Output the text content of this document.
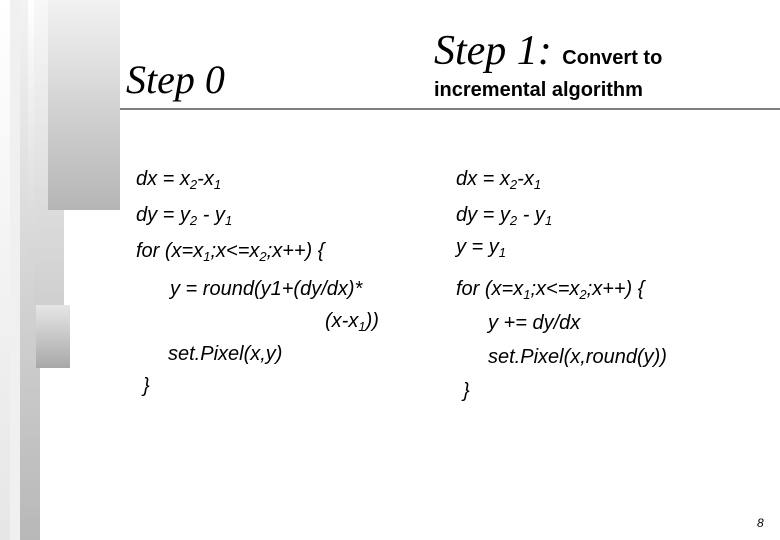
Step 0
dx = $x_2-x_1$
dy = $y_2 - y_1$
for $(x=x_1;x<=x_2;x++)$ {
y = round(y1+(dy/dx)*
$(x-x_1)$)
set.Pixel(x,y)
}
Step 1: Convert to
incremental algorithm
dx = $x_2-x_1$
dy = $y_2 - y_1$
$y = y_1$
for $(x=x_1;x<=x_2;x++)$ {
y += dy/dx
set.Pixel(x,round(y))
}
8
